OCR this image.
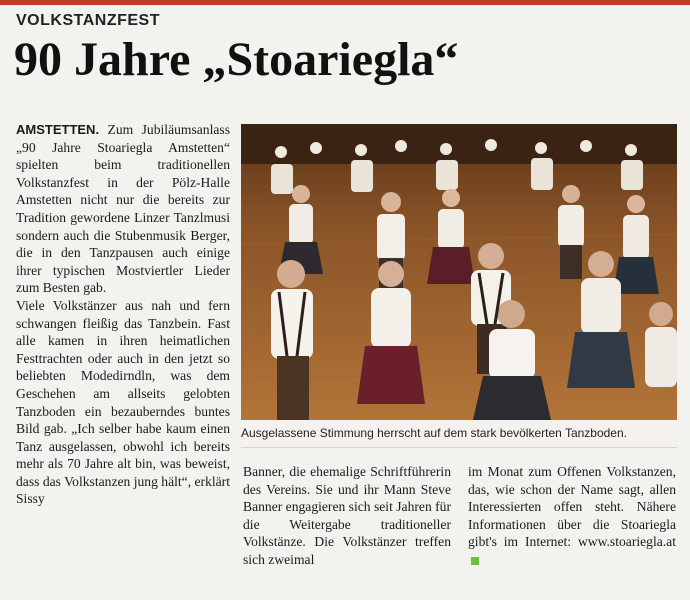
VOLKSTANZFEST
90 Jahre „Stoariegla“

AMSTETTEN. Zum Jubiläumsanlass „90 Jahre Stoariegla Amstetten“ spielten beim traditionellen Volkstanzfest in der Pölz-Halle Amstetten nicht nur die bereits zur Tradition gewordene Linzer Tanzlmusi sondern auch die Stubenmusik Berger, die in den Tanzpausen auch einige ihrer typischen Mostviertler Lieder zum Besten gab.

Viele Volkstänzer aus nah und fern schwangen fleißig das Tanzbein. Fast alle kamen in ihren heimatlichen Festtrachten oder auch in den jetzt so beliebten Modedirndln, was dem Geschehen am allseits gelobten Tanzboden ein bezauberndes buntes Bild gab. „Ich selber habe kaum einen Tanz ausgelassen, obwohl ich bereits mehr als 70 Jahre alt bin, was beweist, dass das Volkstanzen jung hält“, erklärt Sissy

Ausgelassene Stimmung herrscht auf dem stark bevölkerten Tanzboden.

Banner, die ehemalige Schriftführerin des Vereins. Sie und ihr Mann Steve Banner engagieren sich seit Jahren für die Weitergabe traditioneller Volkstänze. Die Volkstänzer treffen sich zweimal

im Monat zum Offenen Volkstanzen, das, wie schon der Name sagt, allen Interessierten offen steht. Nähere Informationen über die Stoariegla gibt's im Internet: www.stoariegla.at
